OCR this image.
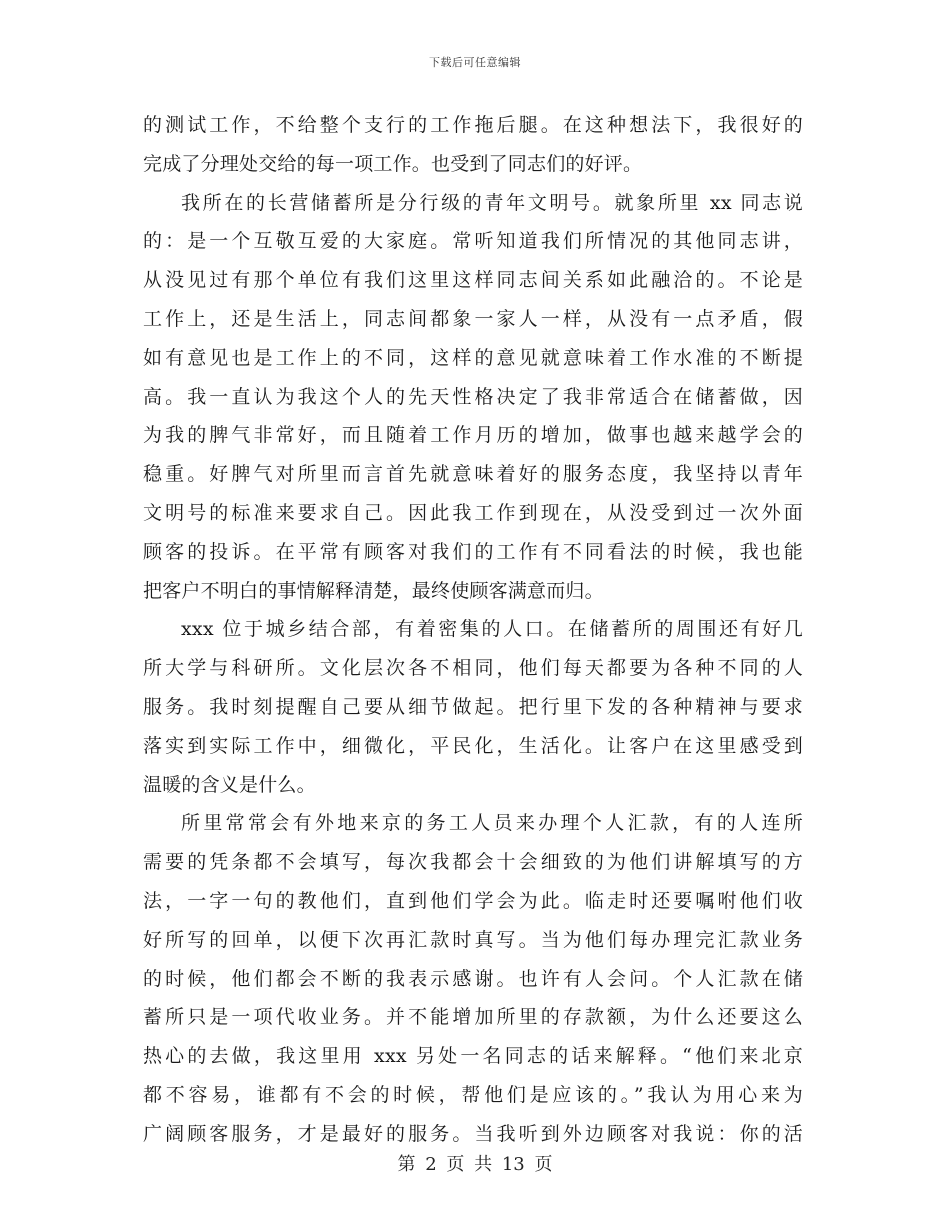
下载后可任意编辑
的测试工作，不给整个支行的工作拖后腿。在这种想法下，我很好的
完成了分理处交给的每一项工作。也受到了同志们的好评。
我所在的长营储蓄所是分行级的青年文明号。就象所里 xx 同志说
的：是一个互敬互爱的大家庭。常听知道我们所情况的其他同志讲，
从没见过有那个单位有我们这里这样同志间关系如此融洽的。不论是
工作上，还是生活上，同志间都象一家人一样，从没有一点矛盾，假
如有意见也是工作上的不同，这样的意见就意味着工作水准的不断提
高。我一直认为我这个人的先天性格决定了我非常适合在储蓄做，因
为我的脾气非常好，而且随着工作月历的增加，做事也越来越学会的
稳重。好脾气对所里而言首先就意味着好的服务态度，我坚持以青年
文明号的标准来要求自己。因此我工作到现在，从没受到过一次外面
顾客的投诉。在平常有顾客对我们的工作有不同看法的时候，我也能
把客户不明白的事情解释清楚，最终使顾客满意而归。
xxx 位于城乡结合部，有着密集的人口。在储蓄所的周围还有好几
所大学与科研所。文化层次各不相同，他们每天都要为各种不同的人
服务。我时刻提醒自己要从细节做起。把行里下发的各种精神与要求
落实到实际工作中，细微化，平民化，生活化。让客户在这里感受到
温暖的含义是什么。
所里常常会有外地来京的务工人员来办理个人汇款，有的人连所
需要的凭条都不会填写，每次我都会十会细致的为他们讲解填写的方
法，一字一句的教他们，直到他们学会为此。临走时还要嘱咐他们收
好所写的回单，以便下次再汇款时真写。当为他们每办理完汇款业务
的时候，他们都会不断的我表示感谢。也许有人会问。个人汇款在储
蓄所只是一项代收业务。并不能增加所里的存款额，为什么还要这么
热心的去做，我这里用 xxx 另处一名同志的话来解释。“他们来北京
都不容易，谁都有不会的时候，帮他们是应该的。”我认为用心来为
广阔顾客服务，才是最好的服务。当我听到外边顾客对我说：你的活
第 2 页 共 13 页
